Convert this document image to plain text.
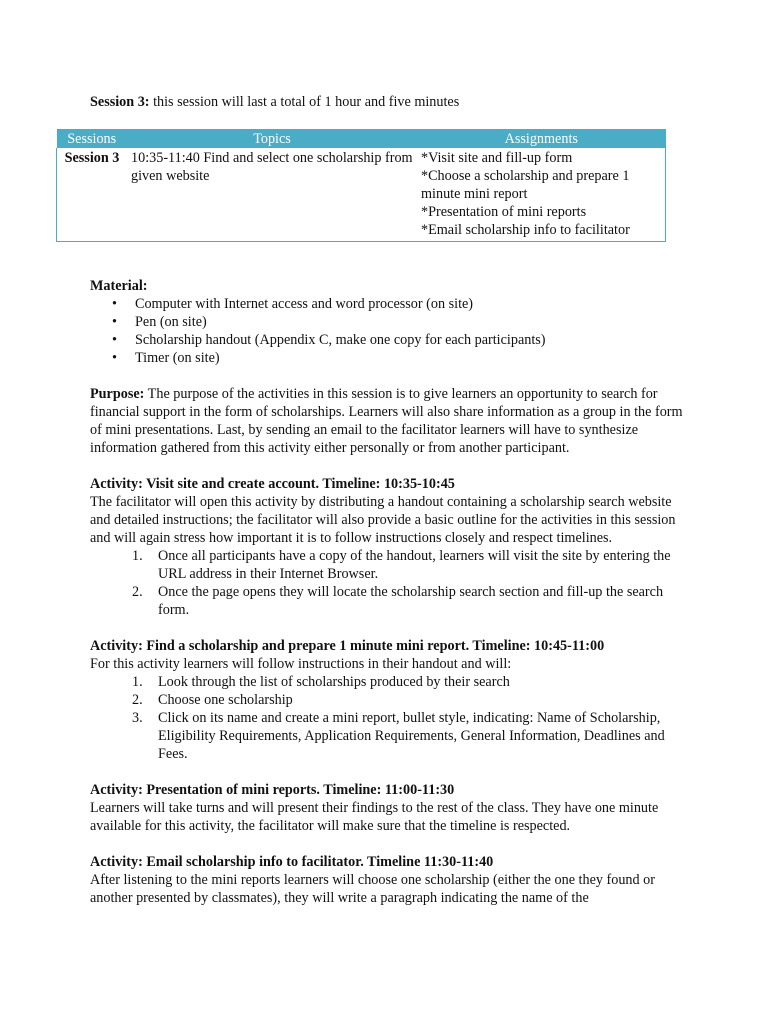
Session 3: this session will last a total of 1 hour and five minutes

Sessions	Topics	Assignments
Session 3	10:35-11:40 Find and select one scholarship from given website	*Visit site and fill-up form
*Choose a scholarship and prepare 1 minute mini report
*Presentation of mini reports
*Email scholarship info to facilitator

Material:

• Computer with Internet access and word processor (on site)
• Pen (on site)
• Scholarship handout (Appendix C, make one copy for each participants)
• Timer (on site)

Purpose: The purpose of the activities in this session is to give learners an opportunity to search for financial support in the form of scholarships. Learners will also share information as a group in the form of mini presentations. Last, by sending an email to the facilitator learners will have to synthesize information gathered from this activity either personally or from another participant.

Activity: Visit site and create account. Timeline: 10:35-10:45

The facilitator will open this activity by distributing a handout containing a scholarship search website and detailed instructions; the facilitator will also provide a basic outline for the activities in this session and will again stress how important it is to follow instructions closely and respect timelines.

1. Once all participants have a copy of the handout, learners will visit the site by entering the URL address in their Internet Browser.
2. Once the page opens they will locate the scholarship search section and fill-up the search form.

Activity: Find a scholarship and prepare 1 minute mini report. Timeline: 10:45-11:00

For this activity learners will follow instructions in their handout and will:

1. Look through the list of scholarships produced by their search
2. Choose one scholarship
3. Click on its name and create a mini report, bullet style, indicating: Name of Scholarship, Eligibility Requirements, Application Requirements, General Information, Deadlines and Fees.

Activity: Presentation of mini reports. Timeline: 11:00-11:30

Learners will take turns and will present their findings to the rest of the class. They have one minute available for this activity, the facilitator will make sure that the timeline is respected.

Activity: Email scholarship info to facilitator. Timeline 11:30-11:40

After listening to the mini reports learners will choose one scholarship (either the one they found or another presented by classmates), they will write a paragraph indicating the name of the
